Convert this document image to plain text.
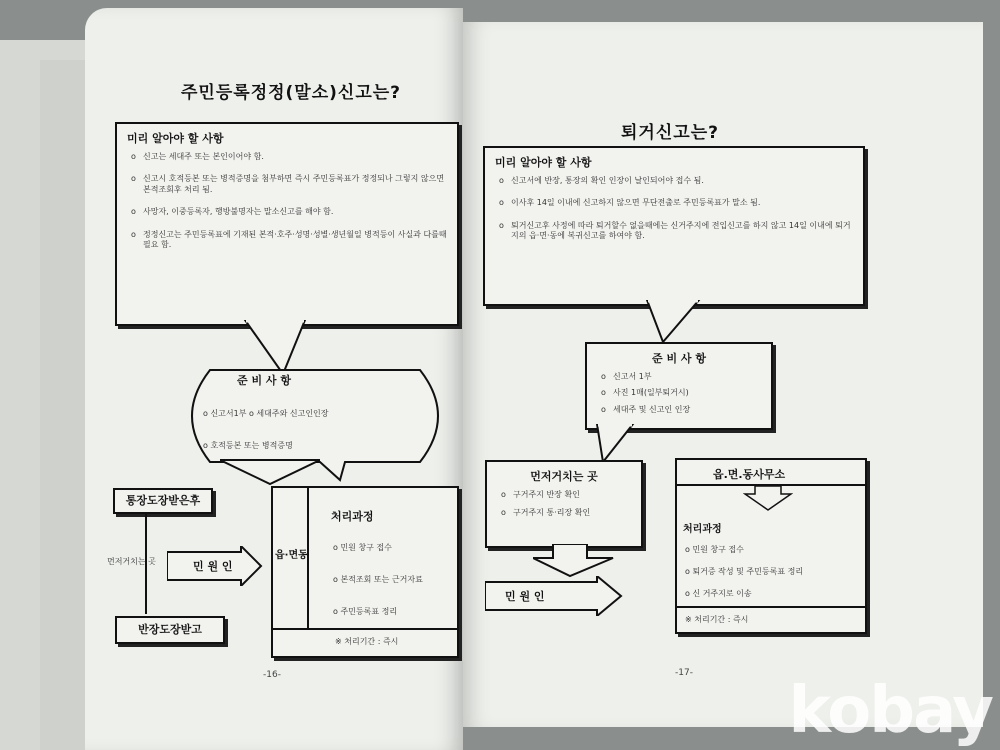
주민등록정정(말소)신고는?
미리 알아야 할 사항
o 신고는 세대주 또는 본인이어야 함.
o 신고시 호적등본 또는 병적증명을 첨부하면 즉시 주민등록표가 정정되나 그렇지 않으면 본적조회후 처리 됨.
o 사망자, 이중등록자, 행방불명자는 말소신고를 해야 함.
o 정정신고는 주민등록표에 기재된 본적·호주·성명·성별·생년월일 병적등이 사실과 다를때 필요 함.
준 비 사 항
o 신고서1부 o 세대주와 신고인인장
o 호적등본 또는 병적증명
통장도장받은후
먼저거치는 곳	민 원 인
반장도장받고
읍·면동
처리과정
o 민원 창구 접수
o 본적조회 또는 근거자료
o 주민등록표 정리
※ 처리기간 : 즉시
-16-
퇴거신고는?
미리 알아야 할 사항
o 신고서에 반장, 통장의 확인 인장이 날인되어야 접수 됨.
o 이사후 14일 이내에 신고하지 않으면 무단전출로 주민등록표가 말소 됨.
o 퇴거신고후 사정에 따라 퇴거할수 없을때에는 신거주지에 전입신고를 하지 않고 14일 이내에 퇴거지의 읍·면·동에 복귀신고를 하여야 함.
준 비 사 항
o 신고서 1부
o 사진 1매(일부퇴거시)
o 세대주 및 신고인 인장
먼저거치는 곳
o 구거주지 반장 확인
o 구거주지 통·리장 확인
민 원 인
읍.면.동사무소
처리과정
o 민원 창구 접수
o 퇴거증 작성 및 주민등록표 정리
o 신 거주지로 이송
※ 처리기간 : 즉시
-17-
kobay
